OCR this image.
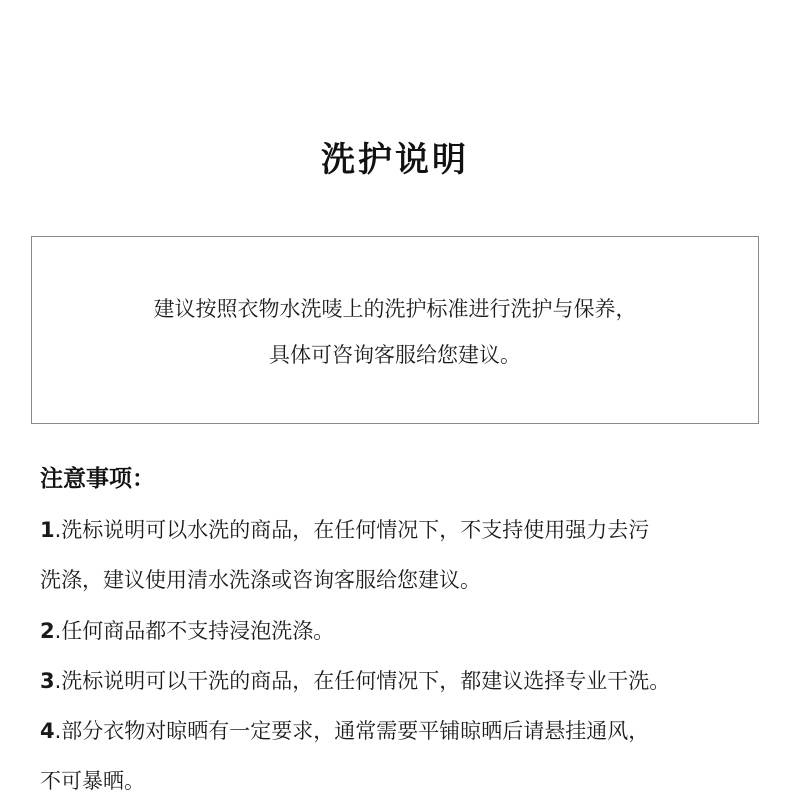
洗护说明
建议按照衣物水洗唛上的洗护标准进行洗护与保养，
具体可咨询客服给您建议。
注意事项：
1.洗标说明可以水洗的商品，在任何情况下，不支持使用强力去污
洗涤，建议使用清水洗涤或咨询客服给您建议。
2.任何商品都不支持浸泡洗涤。
3.洗标说明可以干洗的商品，在任何情况下，都建议选择专业干洗。
4.部分衣物对晾晒有一定要求，通常需要平铺晾晒后请悬挂通风，
不可暴晒。
